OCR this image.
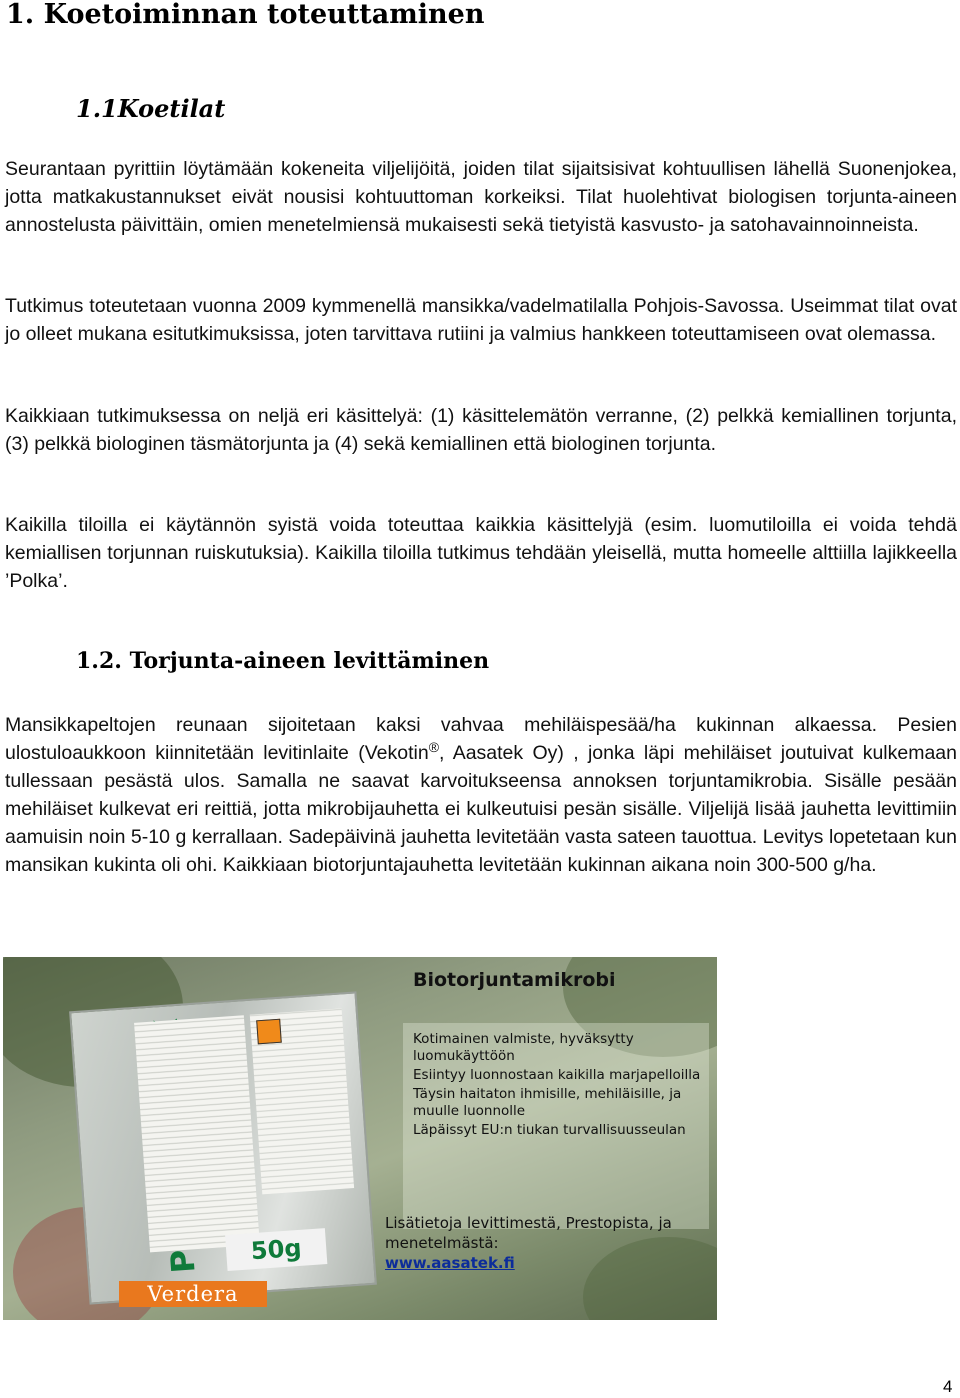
1. Koetoiminnan toteuttaminen
1.1Koetilat

Seurantaan pyrittiin löytämään kokeneita viljelijöitä, joiden tilat sijaitsisivat kohtuullisen lähellä Suonenjokea, jotta matkakustannukset eivät nousisi kohtuuttoman korkeiksi. Tilat huolehtivat biologisen torjunta-aineen annostelusta päivittäin, omien menetelmiensä mukaisesti sekä tietyistä kasvusto- ja satohavainnoinneista.

Tutkimus toteutetaan vuonna 2009 kymmenellä mansikka/vadelmatilalla Pohjois-Savossa. Useimmat tilat ovat jo olleet mukana esitutkimuksissa, joten tarvittava rutiini ja valmius hankkeen toteuttamiseen ovat olemassa.

Kaikkiaan tutkimuksessa on neljä eri käsittelyä: (1) käsittelemätön verranne, (2) pelkkä kemiallinen torjunta, (3) pelkkä biologinen täsmätorjunta ja (4) sekä kemiallinen että biologinen torjunta.

Kaikilla tiloilla ei käytännön syistä voida toteuttaa kaikkia käsittelyjä (esim. luomutiloilla ei voida tehdä kemiallisen torjunnan ruiskutuksia). Kaikilla tiloilla tutkimus tehdään yleisellä, mutta homeelle alttiilla lajikkeella ’Polka’.

1.2. Torjunta-aineen levittäminen

Mansikkapeltojen reunaan sijoitetaan kaksi vahvaa mehiläispesää/ha kukinnan alkaessa. Pesien ulostuloaukkoon kiinnitetään levitinlaite (Vekotin®, Aasatek Oy) , jonka läpi mehiläiset joutuivat kulkemaan tullessaan pesästä ulos. Samalla ne saavat karvoitukseensa annoksen torjuntamikrobia. Sisälle pesään mehiläiset kulkevat eri reittiä, jotta mikrobijauhetta ei kulkeutuisi pesän sisälle. Viljelijä lisää jauhetta levittimiin aamuisin noin 5-10 g kerrallaan. Sadepäivinä jauhetta levitetään vasta sateen tauottua. Levitys lopetetaan kun mansikan kukinta oli ohi. Kaikkiaan biotorjuntajauhetta levitetään kukinnan aikana noin 300-500 g/ha.

50g
Verdera
Biotorjuntamikrobi

Kotimainen valmiste, hyväksytty luomukäyttöön

Esiintyy luonnostaan kaikilla marjapelloilla

Täysin haitaton ihmisille, mehiläisille, ja muulle luonnolle

Läpäissyt EU:n tiukan turvallisuusseulan

Lisätietoja levittimestä, Prestopista, ja menetelmästä:
www.aasatek.fi
4
